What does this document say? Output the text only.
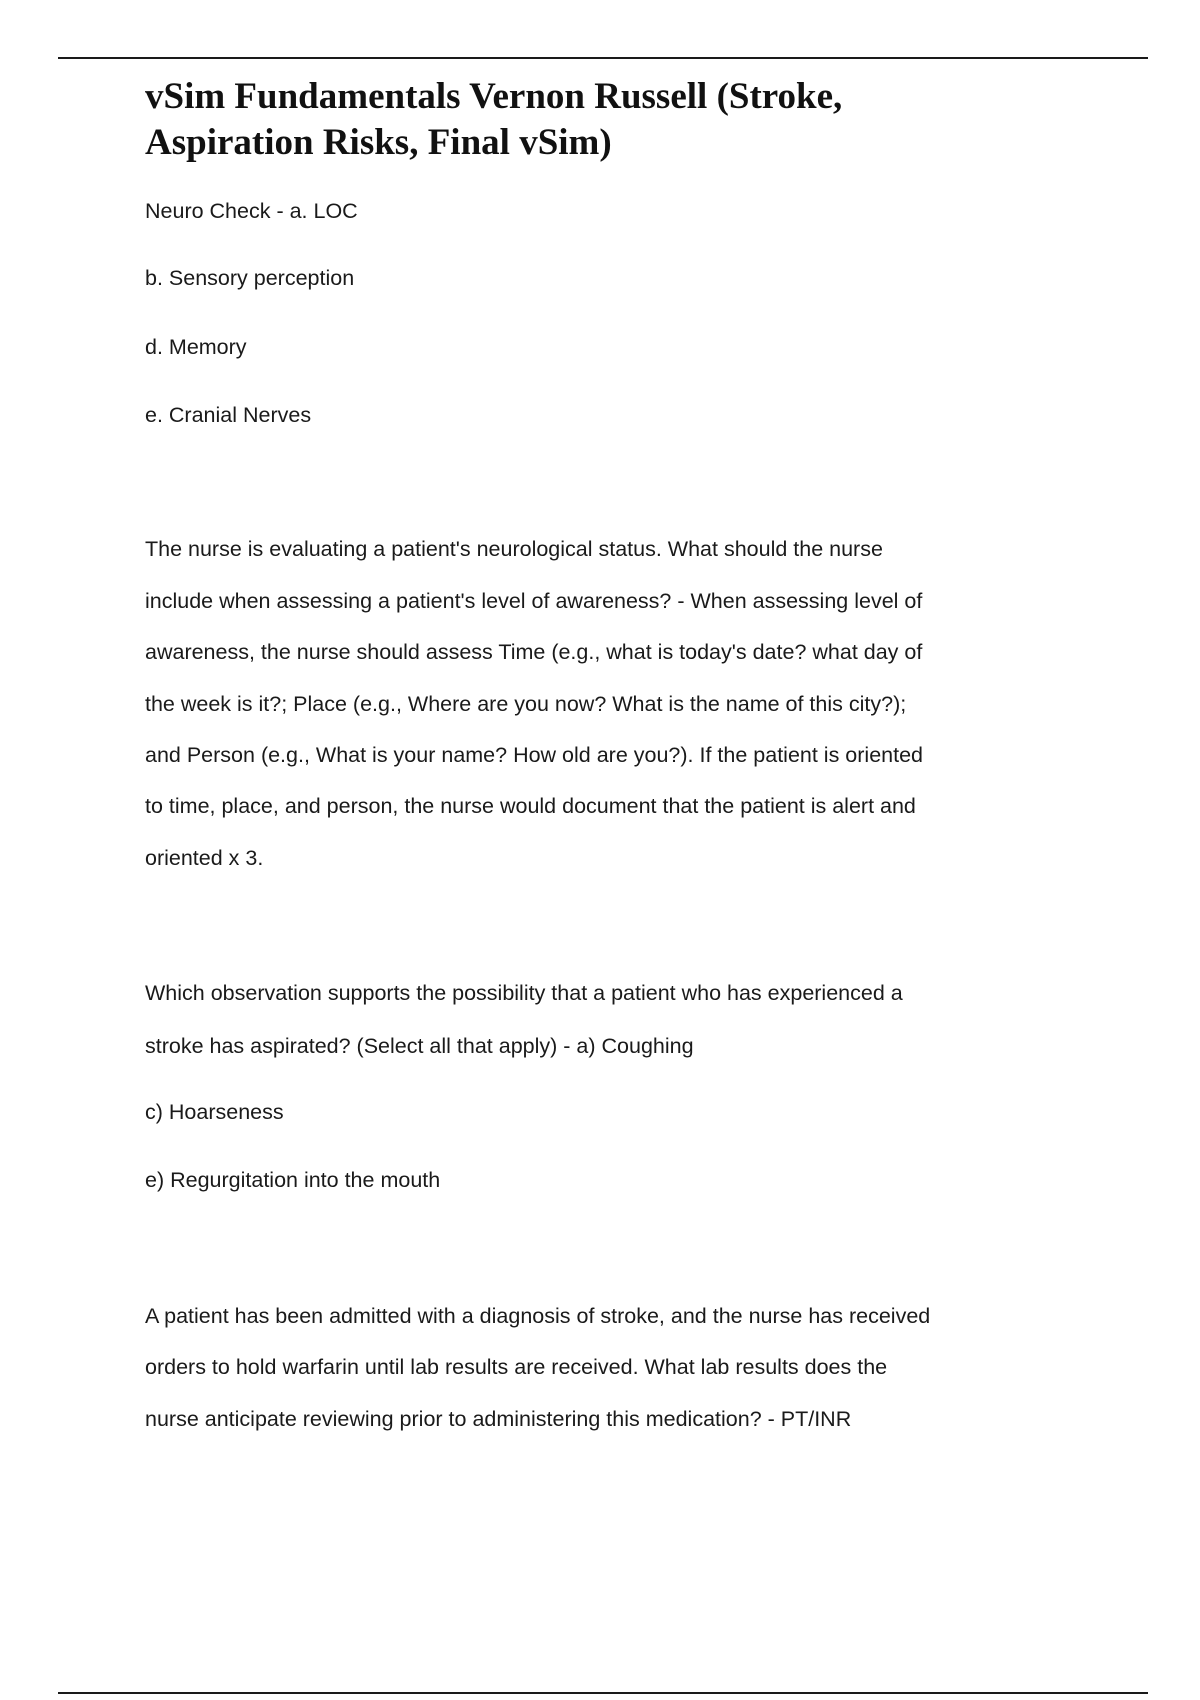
vSim Fundamentals Vernon Russell (Stroke,
Aspiration Risks, Final vSim)
Neuro Check - a. LOC
b. Sensory perception
d. Memory
e. Cranial Nerves
The nurse is evaluating a patient's neurological status. What should the nurse
include when assessing a patient's level of awareness? - When assessing level of
awareness, the nurse should assess Time (e.g., what is today's date? what day of
the week is it?; Place (e.g., Where are you now? What is the name of this city?);
and Person (e.g., What is your name? How old are you?). If the patient is oriented
to time, place, and person, the nurse would document that the patient is alert and
oriented x 3.
Which observation supports the possibility that a patient who has experienced a
stroke has aspirated? (Select all that apply) - a) Coughing
c) Hoarseness
e) Regurgitation into the mouth
A patient has been admitted with a diagnosis of stroke, and the nurse has received
orders to hold warfarin until lab results are received. What lab results does the
nurse anticipate reviewing prior to administering this medication? - PT/INR
